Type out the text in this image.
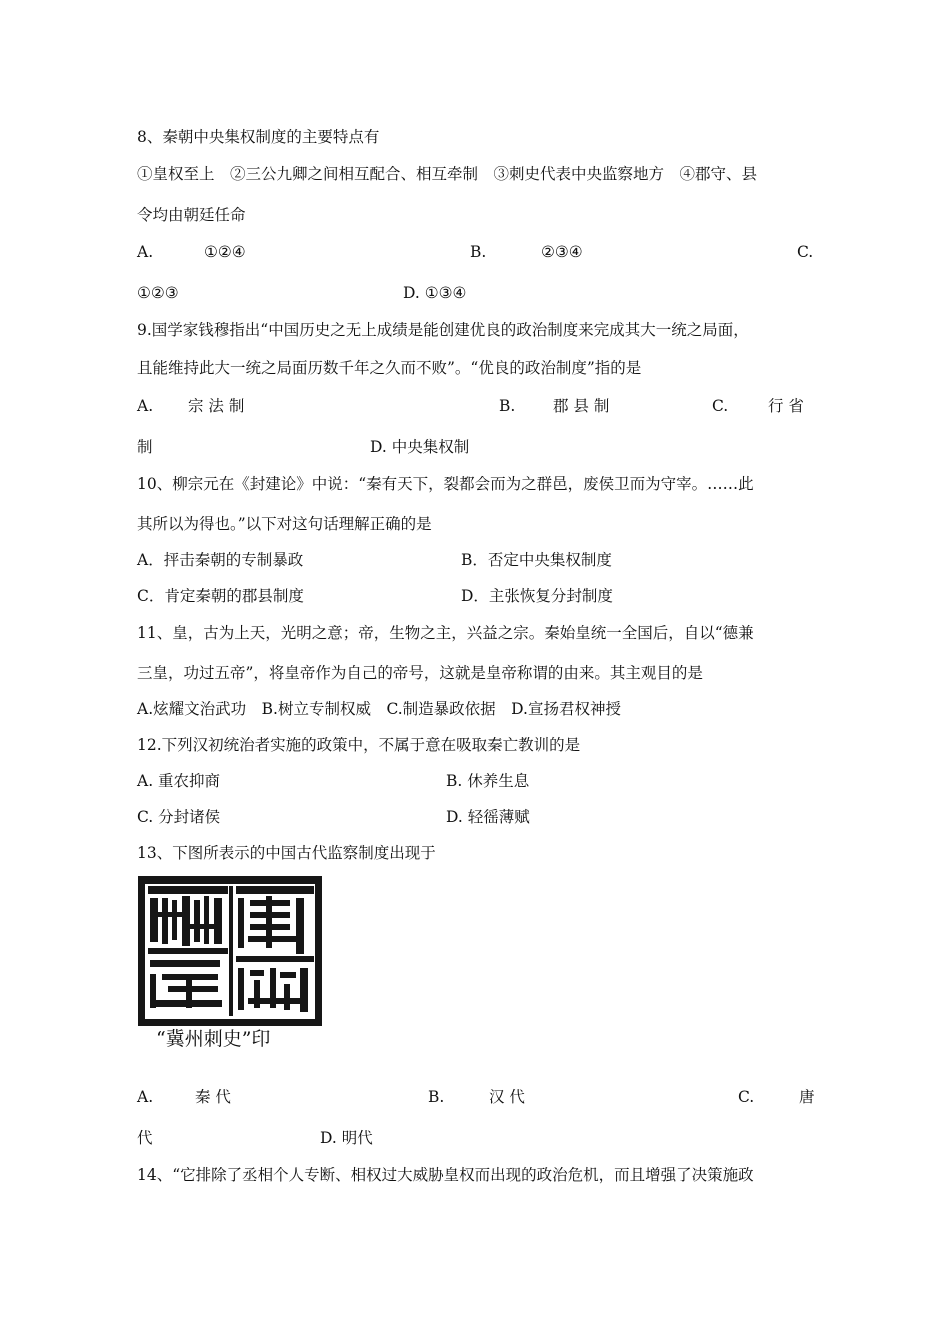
8、秦朝中央集权制度的主要特点有
①皇权至上　②三公九卿之间相互配合、相互牵制　③刺史代表中央监察地方　④郡守、县
令均由朝廷任命
A.	①②④	B.	②③④	C.
①②③	D. ①③④
9.国学家钱穆指出“中国历史之无上成绩是能创建优良的政治制度来完成其大一统之局面，
且能维持此大一统之局面历数千年之久而不败”。“优良的政治制度”指的是
A. 宗 法 制	B. 郡 县 制	C.	行 省
制	D. 中央集权制
10、柳宗元在《封建论》中说：“秦有天下，裂都会而为之群邑，废侯卫而为守宰。……此
其所以为得也。”以下对这句话理解正确的是
A．抨击秦朝的专制暴政	B．否定中央集权制度
C．肯定秦朝的郡县制度	D．主张恢复分封制度
11、皇，古为上天，光明之意；帝，生物之主，兴益之宗。秦始皇统一全国后，自以“德兼
三皇，功过五帝”，将皇帝作为自己的帝号，这就是皇帝称谓的由来。其主观目的是
A.炫耀文治武功　B.树立专制权威　C.制造暴政依据　D.宣扬君权神授
12.下列汉初统治者实施的政策中，不属于意在吸取秦亡教训的是
A. 重农抑商	B. 休养生息
C. 分封诸侯	D. 轻徭薄赋
13、下图所表示的中国古代监察制度出现于
“冀州刺史”印
A.	秦 代	B.	汉 代	C.	唐
代	D. 明代
14、“它排除了丞相个人专断、相权过大威胁皇权而出现的政治危机，而且增强了决策施政
